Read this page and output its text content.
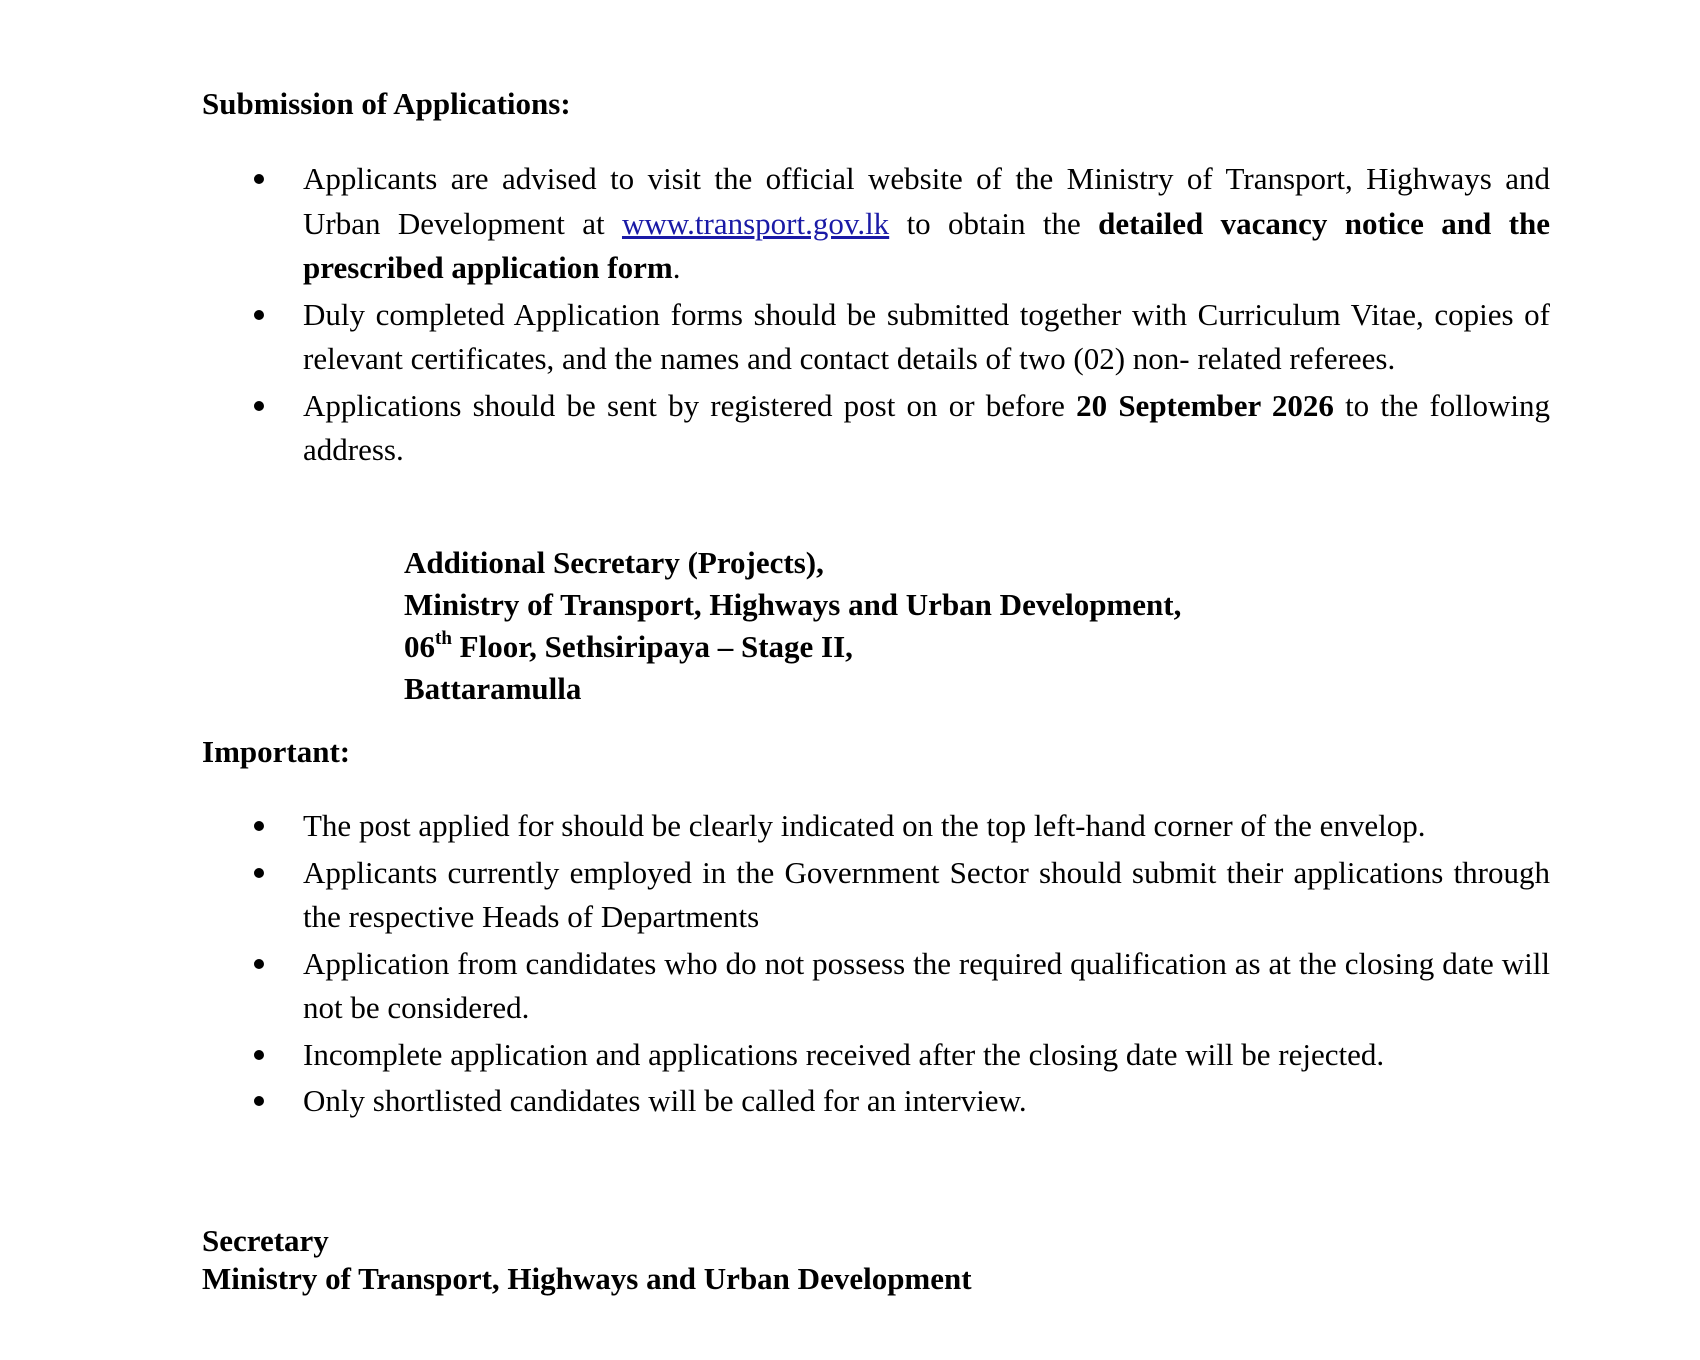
Submission of Applications:
Applicants are advised to visit the official website of the Ministry of Transport, Highways and Urban Development at www.transport.gov.lk to obtain the detailed vacancy notice and the prescribed application form.
Duly completed Application forms should be submitted together with Curriculum Vitae, copies of relevant certificates, and the names and contact details of two (02) non- related referees.
Applications should be sent by registered post on or before 20 September 2026 to the following address.
Additional Secretary (Projects),
Ministry of Transport, Highways and Urban Development,
06th Floor, Sethsiripaya – Stage II,
Battaramulla
Important:
The post applied for should be clearly indicated on the top left-hand corner of the envelop.
Applicants currently employed in the Government Sector should submit their applications through the respective Heads of Departments
Application from candidates who do not possess the required qualification as at the closing date will not be considered.
Incomplete application and applications received after the closing date will be rejected.
Only shortlisted candidates will be called for an interview.
Secretary
Ministry of Transport, Highways and Urban Development
